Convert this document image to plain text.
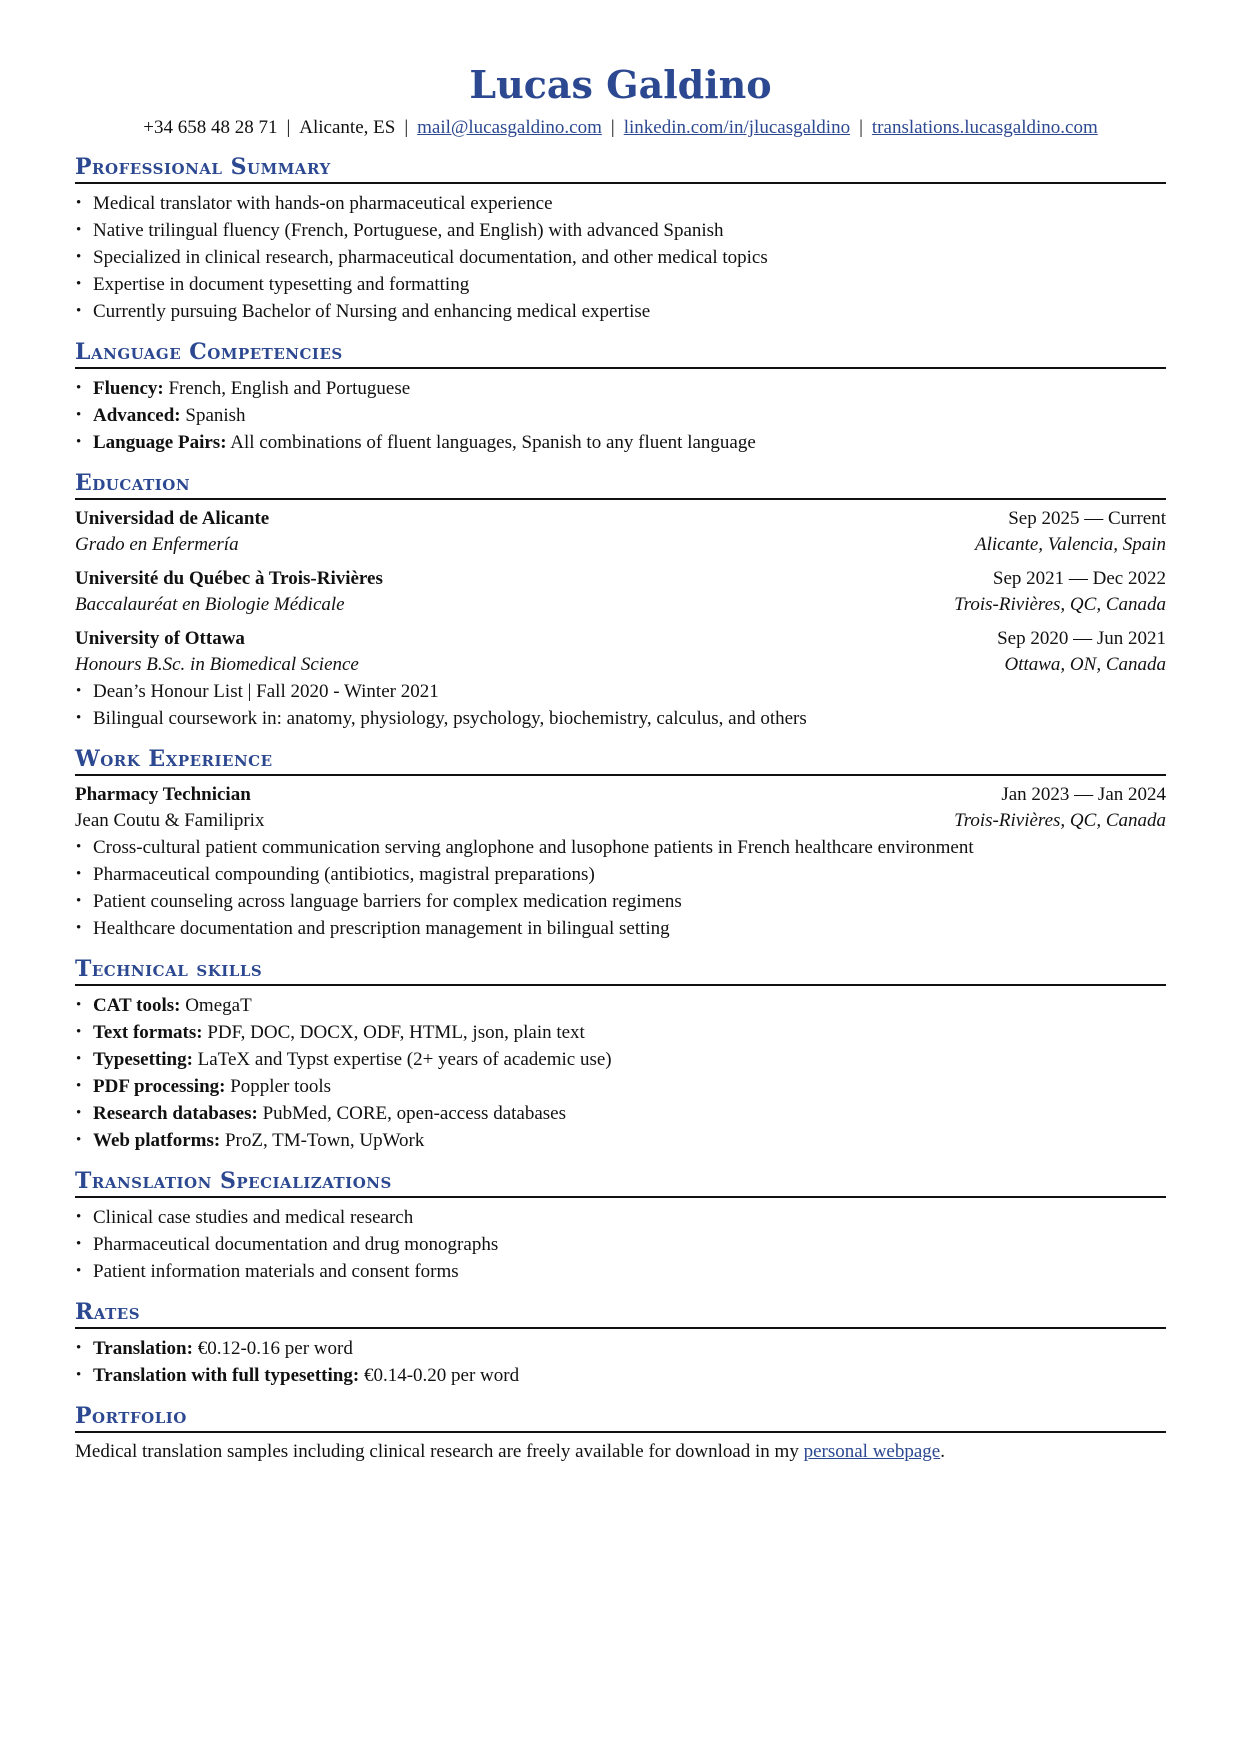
Lucas Galdino
+34 658 48 28 71 | Alicante, ES | mail@lucasgaldino.com | linkedin.com/in/jlucasgaldino | translations.lucasgaldino.com
Professional Summary
• Medical translator with hands-on pharmaceutical experience
• Native trilingual fluency (French, Portuguese, and English) with advanced Spanish
• Specialized in clinical research, pharmaceutical documentation, and other medical topics
• Expertise in document typesetting and formatting
• Currently pursuing Bachelor of Nursing and enhancing medical expertise
Language Competencies
• Fluency: French, English and Portuguese
• Advanced: Spanish
• Language Pairs: All combinations of fluent languages, Spanish to any fluent language
Education
Universidad de Alicante	Sep 2025 — Current
Grado en Enfermería	Alicante, Valencia, Spain
Université du Québec à Trois-Rivières	Sep 2021 — Dec 2022
Baccalauréat en Biologie Médicale	Trois-Rivières, QC, Canada
University of Ottawa	Sep 2020 — Jun 2021
Honours B.Sc. in Biomedical Science	Ottawa, ON, Canada
• Dean’s Honour List | Fall 2020 - Winter 2021
• Bilingual coursework in: anatomy, physiology, psychology, biochemistry, calculus, and others
Work Experience
Pharmacy Technician	Jan 2023 — Jan 2024
Jean Coutu & Familiprix	Trois-Rivières, QC, Canada
• Cross-cultural patient communication serving anglophone and lusophone patients in French healthcare environment
• Pharmaceutical compounding (antibiotics, magistral preparations)
• Patient counseling across language barriers for complex medication regimens
• Healthcare documentation and prescription management in bilingual setting
Technical skills
• CAT tools: OmegaT
• Text formats: PDF, DOC, DOCX, ODF, HTML, json, plain text
• Typesetting: LaTeX and Typst expertise (2+ years of academic use)
• PDF processing: Poppler tools
• Research databases: PubMed, CORE, open-access databases
• Web platforms: ProZ, TM-Town, UpWork
Translation Specializations
• Clinical case studies and medical research
• Pharmaceutical documentation and drug monographs
• Patient information materials and consent forms
Rates
• Translation: €0.12-0.16 per word
• Translation with full typesetting: €0.14-0.20 per word
Portfolio
Medical translation samples including clinical research are freely available for download in my personal webpage.
